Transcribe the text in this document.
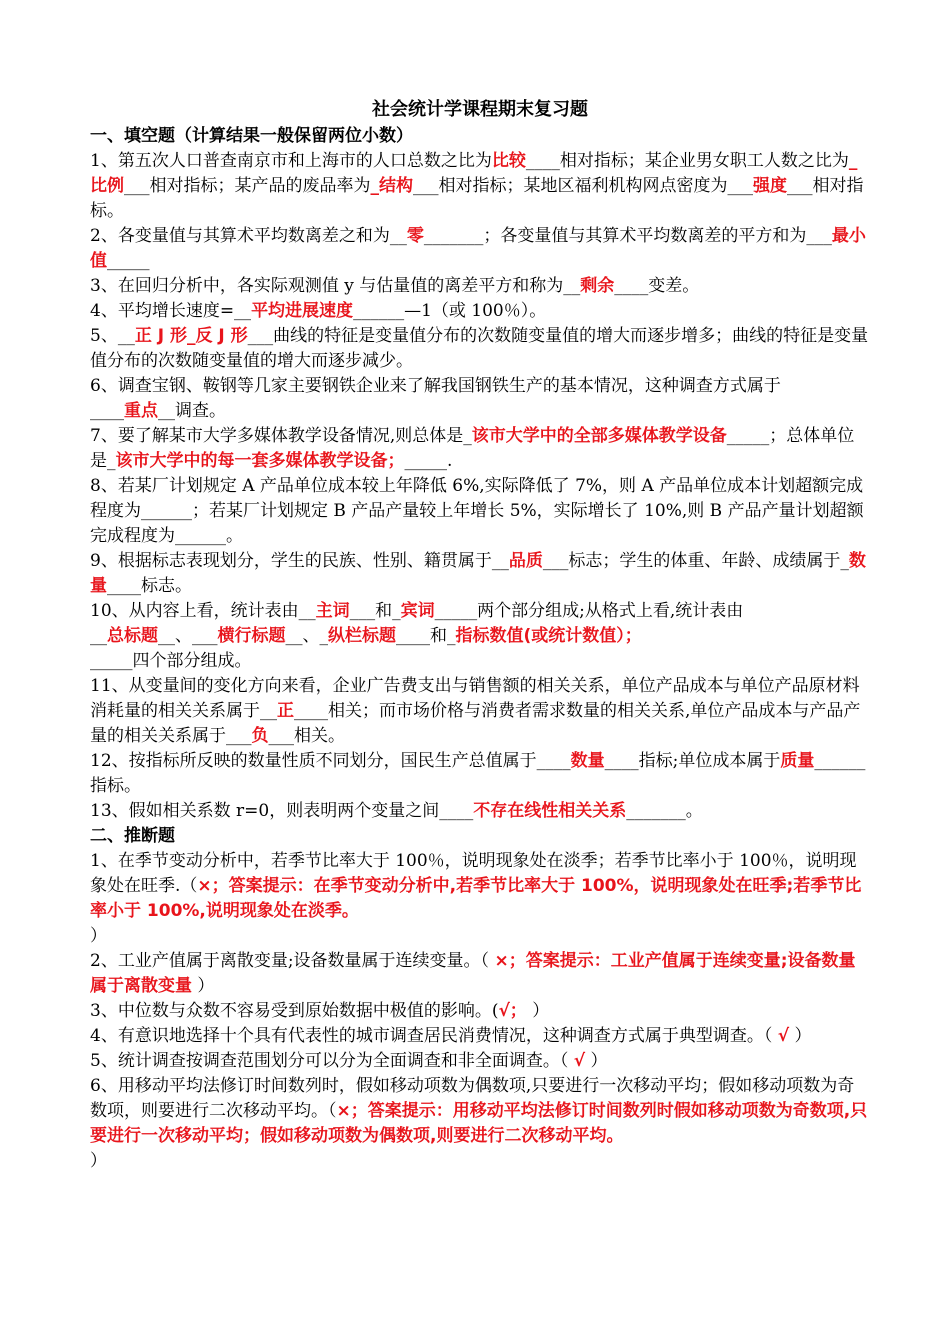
社会统计学课程期末复习题
一、填空题（计算结果一般保留两位小数）

1、第五次人口普查南京市和上海市的人口总数之比为比较____相对指标；某企业男女职工人数之比为_比例___相对指标；某产品的废品率为_结构___相对指标；某地区福利机构网点密度为___强度___相对指标。

2、各变量值与其算术平均数离差之和为__零_______；各变量值与其算术平均数离差的平方和为___最小值_____

3、在回归分析中，各实际观测值 y 与估量值的离差平方和称为__剩余____变差。

4、平均增长速度=__平均进展速度______—1（或 100％）。

5、__正 J 形_反 J 形___曲线的特征是变量值分布的次数随变量值的增大而逐步增多；曲线的特征是变量值分布的次数随变量值的增大而逐步减少。

6、调查宝钢、鞍钢等几家主要钢铁企业来了解我国钢铁生产的基本情况，这种调查方式属于

____重点__调查。

7、要了解某市大学多媒体教学设备情况,则总体是_该市大学中的全部多媒体教学设备_____；总体单位是_该市大学中的每一套多媒体教学设备；_____.

8、若某厂计划规定 A 产品单位成本较上年降低 6%,实际降低了 7%，则 A 产品单位成本计划超额完成程度为______；若某厂计划规定 B 产品产量较上年增长 5%，实际增长了 10%,则 B 产品产量计划超额完成程度为______。

9、根据标志表现划分，学生的民族、性别、籍贯属于__品质___标志；学生的体重、年龄、成绩属于_数量____标志。

10、从内容上看，统计表由__主词___和_宾词_____两个部分组成;从格式上看,统计表由

__总标题__、___横行标题__、_纵栏标题____和_指标数值(或统计数值）；

_____四个部分组成。

11、从变量间的变化方向来看，企业广告费支出与销售额的相关关系，单位产品成本与单位产品原材料消耗量的相关关系属于__正____相关；而市场价格与消费者需求数量的相关关系,单位产品成本与产品产量的相关关系属于___负___相关。

12、按指标所反映的数量性质不同划分，国民生产总值属于____数量____指标;单位成本属于质量______指标。

13、假如相关系数 r=0，则表明两个变量之间____不存在线性相关关系_______。

二、推断题

1、在季节变动分析中，若季节比率大于 100％，说明现象处在淡季；若季节比率小于 100％，说明现象处在旺季.（×；答案提示：在季节变动分析中,若季节比率大于 100%，说明现象处在旺季;若季节比率小于 100%,说明现象处在淡季。

）

2、工业产值属于离散变量;设备数量属于连续变量。（ ×；答案提示：工业产值属于连续变量;设备数量属于离散变量 ）

3、中位数与众数不容易受到原始数据中极值的影响。(√； ）

4、有意识地选择十个具有代表性的城市调查居民消费情况，这种调查方式属于典型调查。（ √ ）

5、统计调查按调查范围划分可以分为全面调查和非全面调查。（ √ ）

6、用移动平均法修订时间数列时，假如移动项数为偶数项,只要进行一次移动平均；假如移动项数为奇数项，则要进行二次移动平均。（×；答案提示：用移动平均法修订时间数列时假如移动项数为奇数项,只要进行一次移动平均；假如移动项数为偶数项,则要进行二次移动平均。

）
